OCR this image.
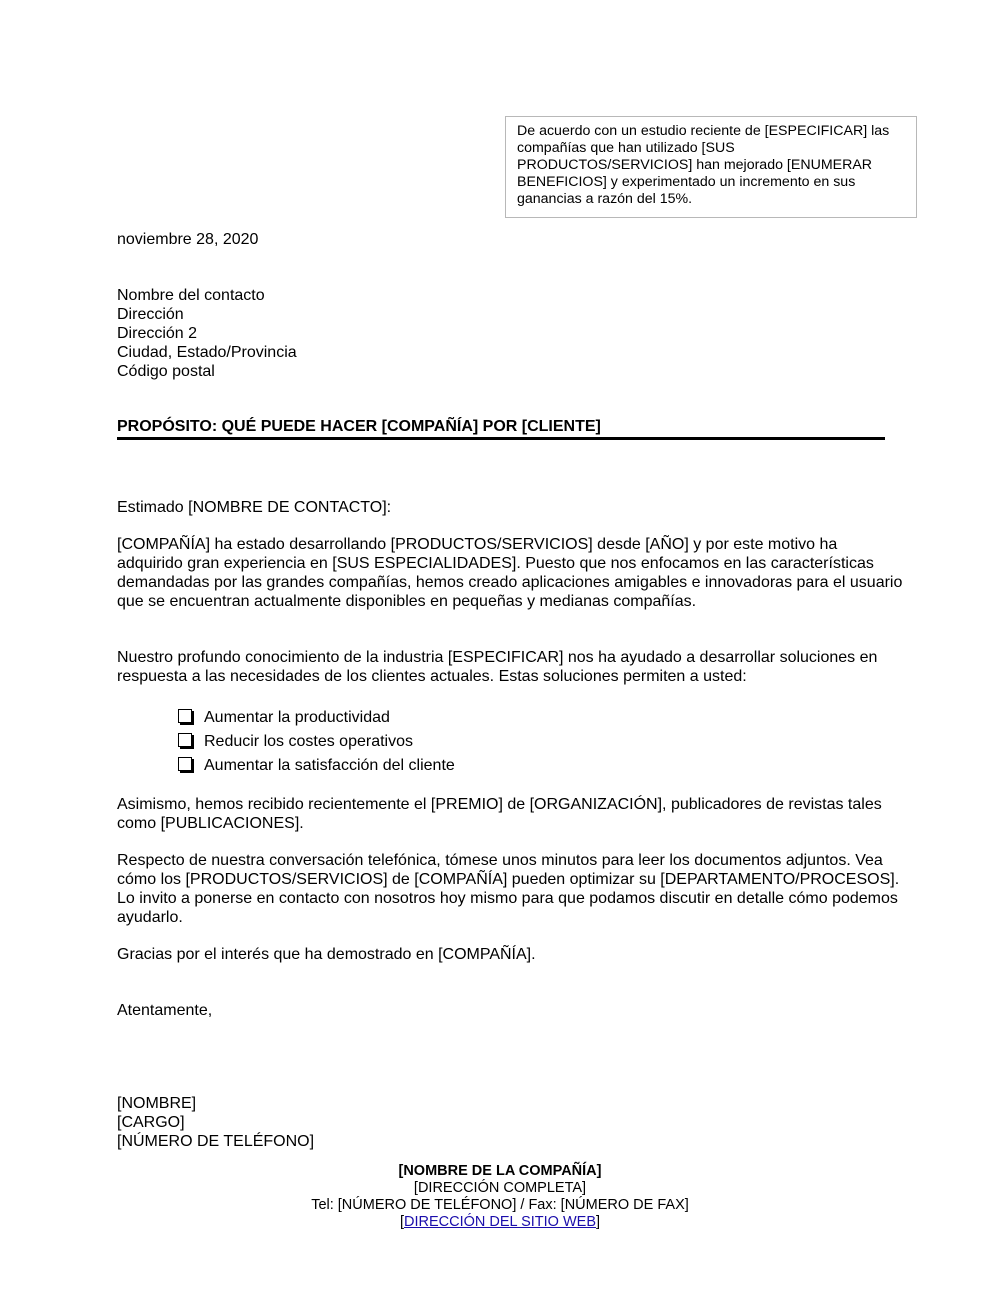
De acuerdo con un estudio reciente de [ESPECIFICAR] las compañías que han utilizado [SUS PRODUCTOS/SERVICIOS] han mejorado [ENUMERAR BENEFICIOS] y experimentado un incremento en sus ganancias a razón del 15%.
noviembre 28, 2020
Nombre del contacto
Dirección
Dirección 2
Ciudad, Estado/Provincia
Código postal
PROPÓSITO: QUÉ PUEDE HACER [COMPAÑÍA] POR [CLIENTE]
Estimado [NOMBRE DE CONTACTO]:
[COMPAÑÍA] ha estado desarrollando [PRODUCTOS/SERVICIOS] desde [AÑO] y por este motivo ha adquirido gran experiencia en [SUS ESPECIALIDADES]. Puesto que nos enfocamos en las características demandadas por las grandes compañías, hemos creado aplicaciones amigables e innovadoras para el usuario que se encuentran actualmente disponibles en pequeñas y medianas compañías.
Nuestro profundo conocimiento de la industria [ESPECIFICAR] nos ha ayudado a desarrollar soluciones en respuesta a las necesidades de los clientes actuales. Estas soluciones permiten a usted:
Aumentar la productividad
Reducir los costes operativos
Aumentar la satisfacción del cliente
Asimismo, hemos recibido recientemente el [PREMIO] de [ORGANIZACIÓN], publicadores de revistas tales como [PUBLICACIONES].
Respecto de nuestra conversación telefónica, tómese unos minutos para leer los documentos adjuntos. Vea cómo los [PRODUCTOS/SERVICIOS] de [COMPAÑÍA] pueden optimizar su [DEPARTAMENTO/PROCESOS]. Lo invito a ponerse en contacto con nosotros hoy mismo para que podamos discutir en detalle cómo podemos ayudarlo.
Gracias por el interés que ha demostrado en [COMPAÑÍA].
Atentamente,
[NOMBRE]
[CARGO]
[NÚMERO DE TELÉFONO]
[NOMBRE DE LA COMPAÑÍA]
[DIRECCIÓN COMPLETA]
Tel: [NÚMERO DE TELÉFONO] / Fax: [NÚMERO DE FAX]
[DIRECCIÓN DEL SITIO WEB]
